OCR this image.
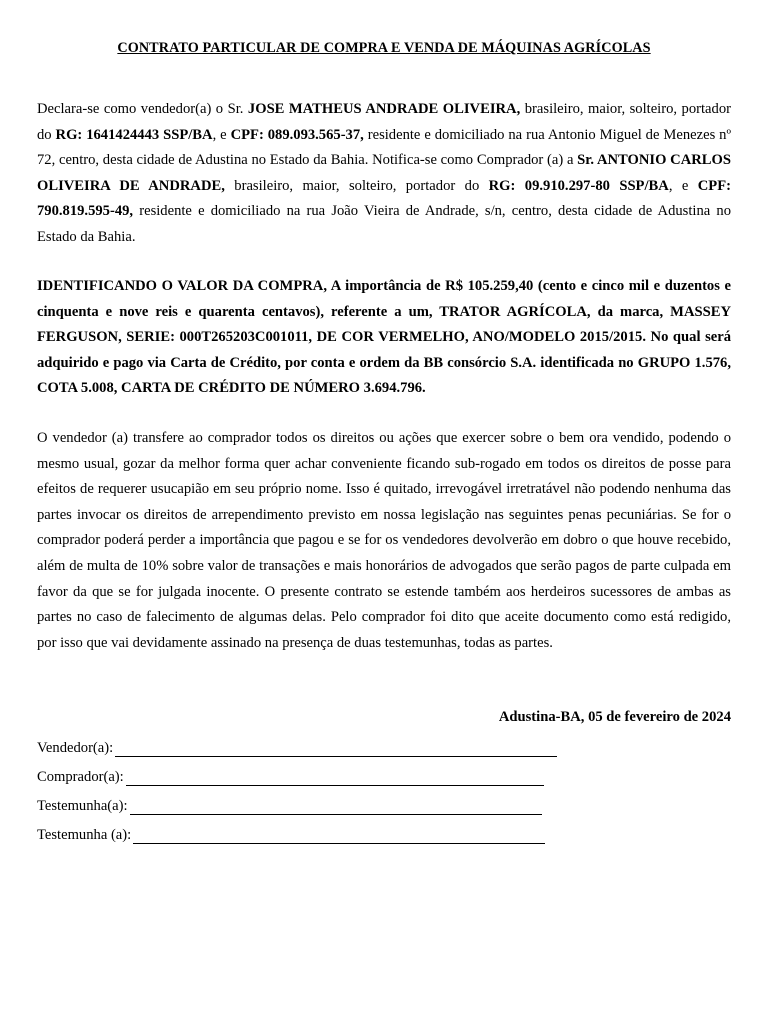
CONTRATO PARTICULAR DE COMPRA E VENDA DE MÁQUINAS AGRÍCOLAS
Declara-se como vendedor(a) o Sr. JOSE MATHEUS ANDRADE OLIVEIRA, brasileiro, maior, solteiro, portador do RG: 1641424443 SSP/BA, e CPF: 089.093.565-37, residente e domiciliado na rua Antonio Miguel de Menezes nº 72, centro, desta cidade de Adustina no Estado da Bahia. Notifica-se como Comprador (a) a Sr. ANTONIO CARLOS OLIVEIRA DE ANDRADE, brasileiro, maior, solteiro, portador do RG: 09.910.297-80 SSP/BA, e CPF: 790.819.595-49, residente e domiciliado na rua João Vieira de Andrade, s/n, centro, desta cidade de Adustina no Estado da Bahia.
IDENTIFICANDO O VALOR DA COMPRA, A importância de R$ 105.259,40 (cento e cinco mil e duzentos e cinquenta e nove reis e quarenta centavos), referente a um, TRATOR AGRÍCOLA, da marca, MASSEY FERGUSON, SERIE: 000T265203C001011, DE COR VERMELHO, ANO/MODELO 2015/2015. No qual será adquirido e pago via Carta de Crédito, por conta e ordem da BB consórcio S.A. identificada no GRUPO 1.576, COTA 5.008, CARTA DE CRÉDITO DE NÚMERO 3.694.796.
O vendedor (a) transfere ao comprador todos os direitos ou ações que exercer sobre o bem ora vendido, podendo o mesmo usual, gozar da melhor forma quer achar conveniente ficando sub-rogado em todos os direitos de posse para efeitos de requerer usucapião em seu próprio nome. Isso é quitado, irrevogável irretratável não podendo nenhuma das partes invocar os direitos de arrependimento previsto em nossa legislação nas seguintes penas pecuniárias. Se for o comprador poderá perder a importância que pagou e se for os vendedores devolverão em dobro o que houve recebido, além de multa de 10% sobre valor de transações e mais honorários de advogados que serão pagos de parte culpada em favor da que se for julgada inocente. O presente contrato se estende também aos herdeiros sucessores de ambas as partes no caso de falecimento de algumas delas. Pelo comprador foi dito que aceite documento como está redigido, por isso que vai devidamente assinado na presença de duas testemunhas, todas as partes.
Adustina-BA, 05 de fevereiro de 2024
Vendedor(a):
Comprador(a):
Testemunha(a):
Testemunha (a):
